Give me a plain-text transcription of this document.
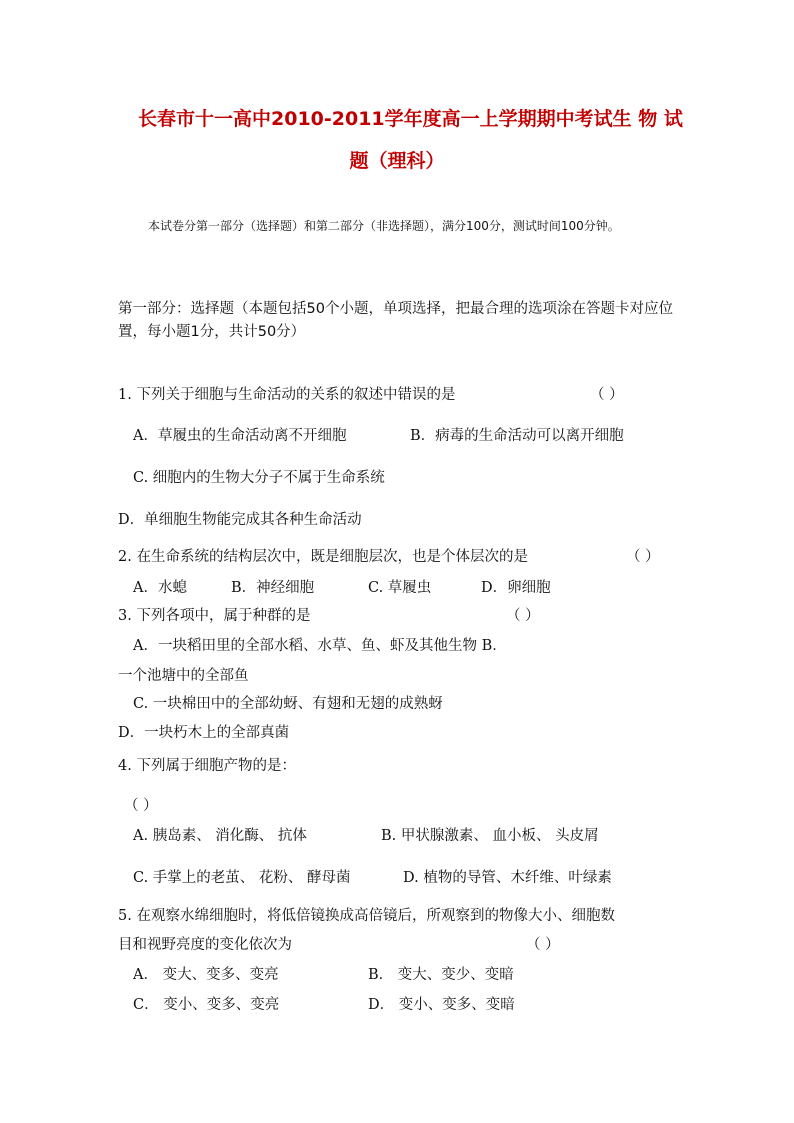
长春市十一高中2010-2011学年度高一上学期期中考试生 物 试
题（理科）
本试卷分第一部分（选择题）和第二部分（非选择题），满分100分，测试时间100分钟。
第一部分：选择题（本题包括50个小题，单项选择，把最合理的选项涂在答题卡对应位置，每小题1分，共计50分）
1. 下列关于细胞与生命活动的关系的叙述中错误的是	（ ）
A．草履虫的生命活动离不开细胞	B．病毒的生命活动可以离开细胞
C. 细胞内的生物大分子不属于生命系统
D．单细胞生物能完成其各种生命活动
2. 在生命系统的结构层次中，既是细胞层次，也是个体层次的是	（ ）
A．水螅	B．神经细胞	C. 草履虫	D．卵细胞
3. 下列各项中，属于种群的是	（ ）
A．一块稻田里的全部水稻、水草、鱼、虾及其他生物 B．
一个池塘中的全部鱼
C. 一块棉田中的全部幼蚜、有翅和无翅的成熟蚜
D．一块朽木上的全部真菌
4. 下列属于细胞产物的是：
（ ）
A. 胰岛素、 消化酶、 抗体	B. 甲状腺激素、 血小板、 头皮屑
C. 手掌上的老茧、 花粉、 酵母菌	D. 植物的导管、木纤维、叶绿素
5. 在观察水绵细胞时，将低倍镜换成高倍镜后，所观察到的物像大小、细胞数
目和视野亮度的变化依次为	（ ）
A． 变大、变多、变亮	B． 变大、变少、变暗
C． 变小、变多、变亮	D． 变小、变多、变暗
